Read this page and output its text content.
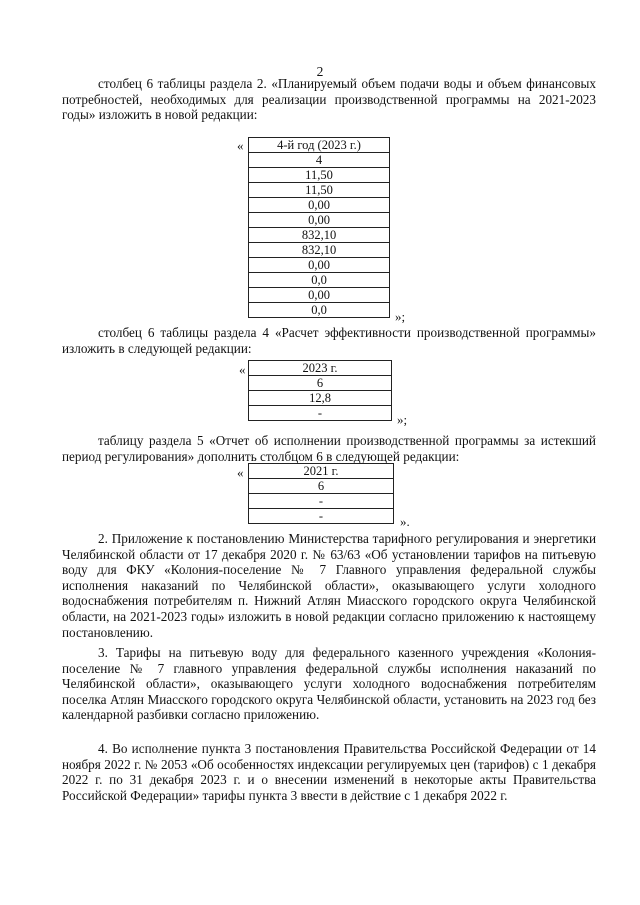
2

столбец 6 таблицы раздела 2. «Планируемый объем подачи воды и объем финансовых потребностей, необходимых для реализации производственной программы на 2021-2023 годы» изложить в новой редакции:

«	4-й год (2023 г.)
4
11,50
11,50
0,00
0,00
832,10
832,10
0,00
0,0
0,00
0,0	»;

столбец 6 таблицы раздела 4 «Расчет эффективности производственной программы» изложить в следующей редакции:

«	2023 г.
6
12,8
-	»;

таблицу раздела 5 «Отчет об исполнении производственной программы за истекший период регулирования» дополнить столбцом 6 в следующей редакции:

«	2021 г.
6
-
-	».

2. Приложение к постановлению Министерства тарифного регулирования и энергетики Челябинской области от 17 декабря 2020 г. № 63/63 «Об установлении тарифов на питьевую воду для ФКУ «Колония-поселение № 7 Главного управления федеральной службы исполнения наказаний по Челябинской области», оказывающего услуги холодного водоснабжения потребителям п. Нижний Атлян Миасского городского округа Челябинской области, на 2021-2023 годы» изложить в новой редакции согласно приложению к настоящему постановлению.

3. Тарифы на питьевую воду для федерального казенного учреждения «Колония-поселение № 7 главного управления федеральной службы исполнения наказаний по Челябинской области», оказывающего услуги холодного водоснабжения потребителям поселка Атлян Миасского городского округа Челябинской области, установить на 2023 год без календарной разбивки согласно приложению.

4. Во исполнение пункта 3 постановления Правительства Российской Федерации от 14 ноября 2022 г. № 2053 «Об особенностях индексации регулируемых цен (тарифов) с 1 декабря 2022 г. по 31 декабря 2023 г. и о внесении изменений в некоторые акты Правительства Российской Федерации» тарифы пункта 3 ввести в действие с 1 декабря 2022 г.
